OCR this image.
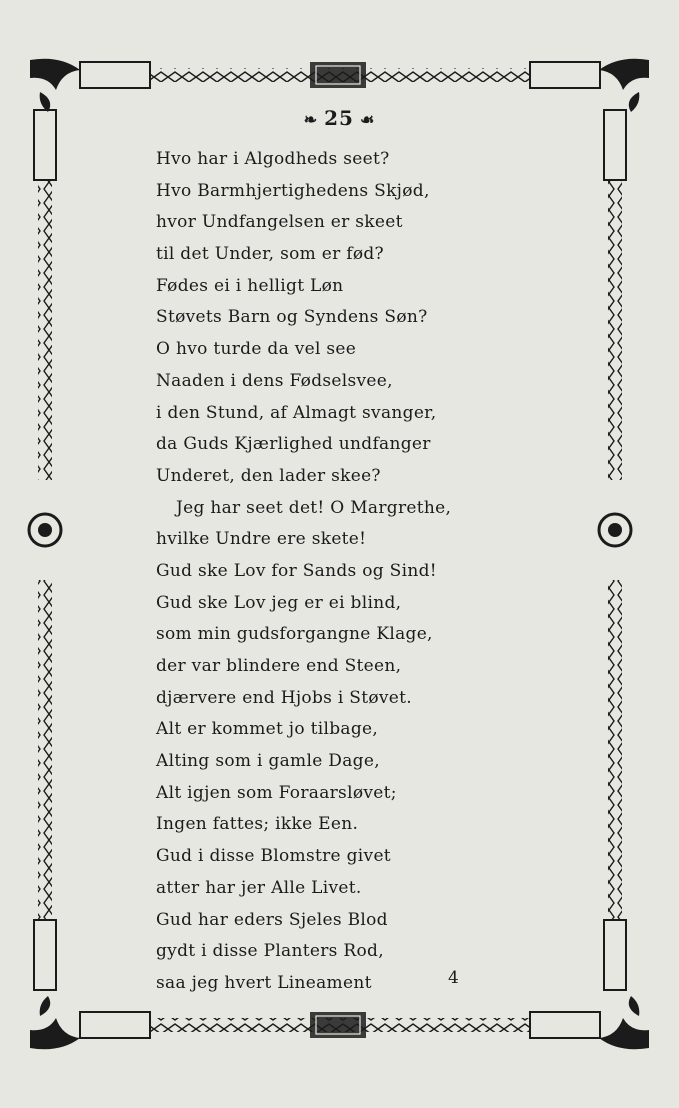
❧ 25 ☙
Hvo har i Algodheds seet?
Hvo Barmhjertighedens Skjød,
hvor Undfangelsen er skeet
til det Under, som er fød?
Fødes ei i helligt Løn
Støvets Barn og Syndens Søn?
O hvo turde da vel see
Naaden i dens Fødselsvee,
i den Stund, af Almagt svanger,
da Guds Kjærlighed undfanger
Underet, den lader skee?
Jeg har seet det! O Margrethe,
hvilke Undre ere skete!
Gud ske Lov for Sands og Sind!
Gud ske Lov jeg er ei blind,
som min gudsforgangne Klage,
der var blindere end Steen,
djærvere end Hjobs i Støvet.
Alt er kommet jo tilbage,
Alting som i gamle Dage,
Alt igjen som Foraarsløvet;
Ingen fattes; ikke Een.
Gud i disse Blomstre givet
atter har jer Alle Livet.
Gud har eders Sjeles Blod
gydt i disse Planters Rod,
saa jeg hvert Lineament	4
